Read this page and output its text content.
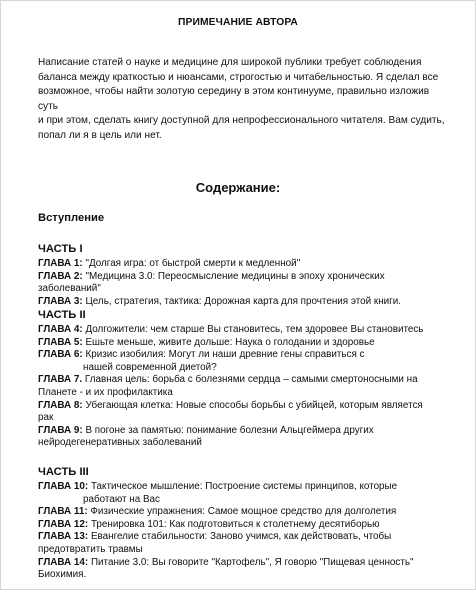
ПРИМЕЧАНИЕ АВТОРА
Написание статей о науке и медицине для широкой публики требует соблюдения
баланса между краткостью и нюансами, строгостью и читабельностью. Я сделал все
возможное, чтобы найти золотую середину в этом континууме, правильно изложив суть
и при этом, сделать книгу доступной для непрофессионального читателя. Вам судить,
попал ли я в цель или нет.
Содержание:
Вступление
ЧАСТЬ I
ГЛАВА 1: "Долгая игра: от быстрой смерти к медленной"
ГЛАВА 2: "Медицина 3.0: Переосмысление медицины в эпоху хронических заболеваний"
ГЛАВА 3: Цель, стратегия, тактика: Дорожная карта для прочтения этой книги.
ЧАСТЬ II
ГЛАВА 4: Долгожители: чем старше Вы становитесь, тем здоровее Вы становитесь
ГЛАВА 5: Ешьте меньше, живите дольше: Наука о голодании и здоровье
ГЛАВА 6: Кризис изобилия: Могут ли наши древние гены справиться с
нашей современной диетой?
ГЛАВА 7. Главная цель: борьба с болезнями сердца – самыми смертоносными на
Планете - и их профилактика
ГЛАВА 8: Убегающая клетка: Новые способы борьбы с убийцей, которым является
рак
ГЛАВА 9: В погоне за памятью: понимание болезни Альцгеймера других
нейродегенеративных заболеваний
ЧАСТЬ III
ГЛАВА 10: Тактическое мышление: Построение системы принципов, которые
работают на Вас
ГЛАВА 11: Физические упражнения: Самое мощное средство для долголетия
ГЛАВА 12: Тренировка 101: Как подготовиться к столетнему десятиборью
ГЛАВА 13: Евангелие стабильности: Заново учимся, как действовать, чтобы
предотвратить травмы
ГЛАВА 14: Питание 3.0: Вы говорите "Картофель", Я говорю "Пищевая ценность"
Биохимия.
